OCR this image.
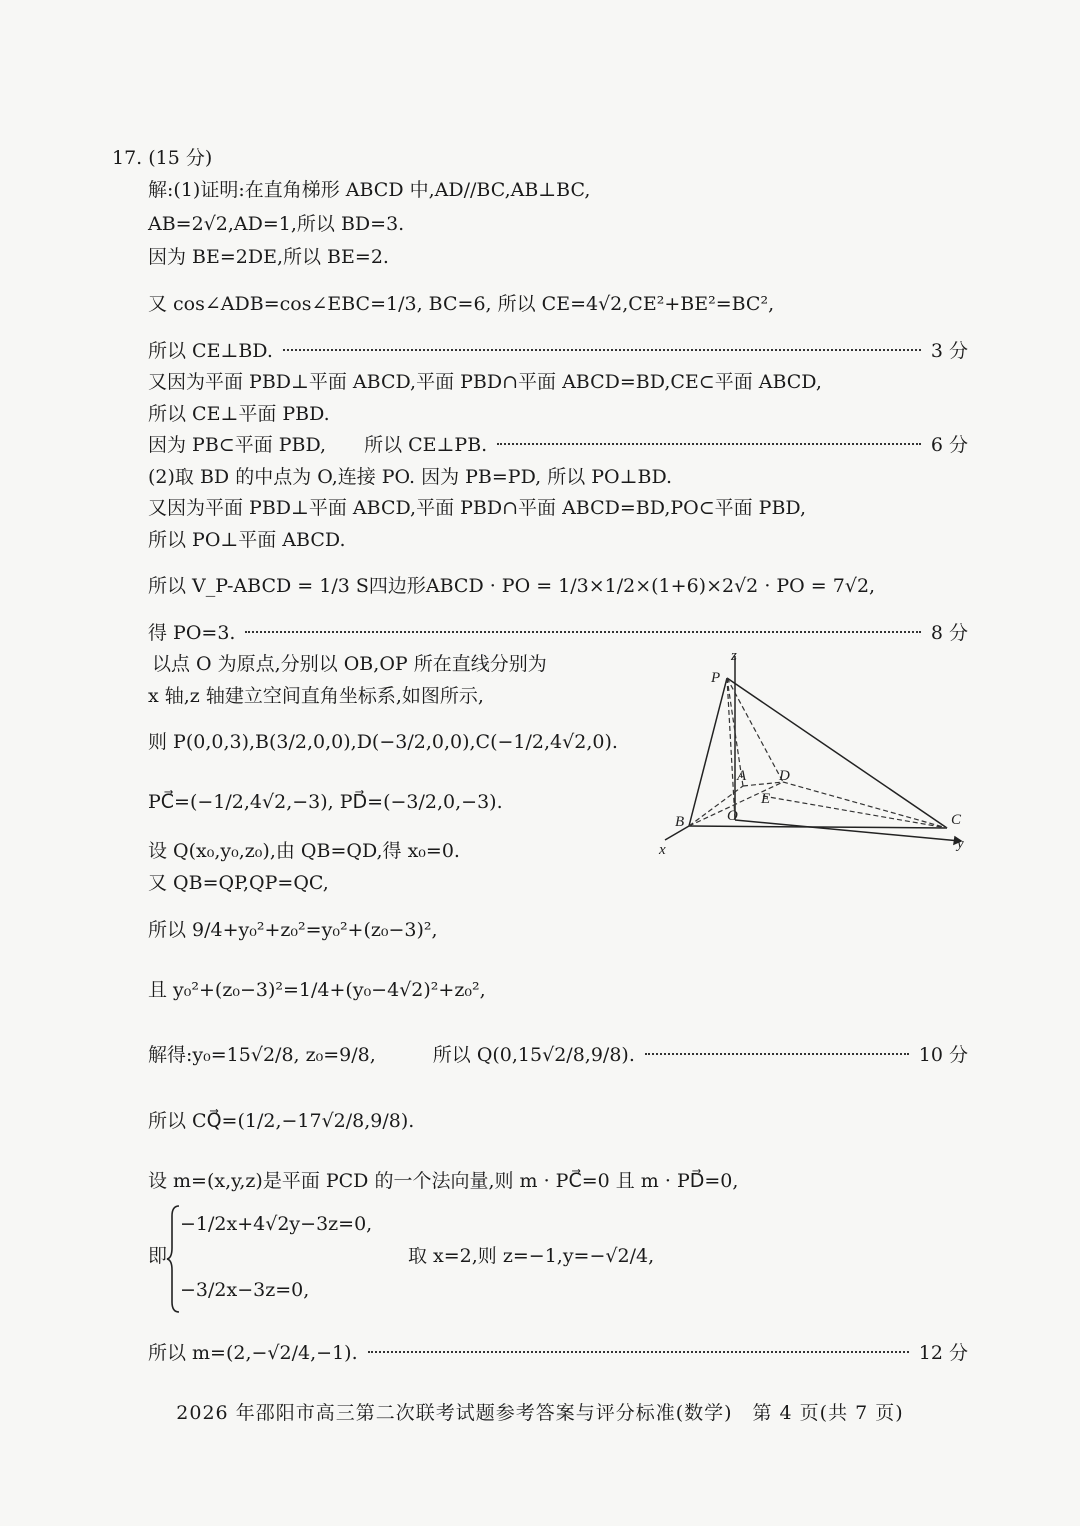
17. (15 分)
解:(1)证明:在直角梯形 ABCD 中,AD//BC,AB⊥BC,
AB=2√2,AD=1,所以 BD=3.
因为 BE=2DE,所以 BE=2.
又 cos∠ADB=cos∠EBC=1/3, BC=6, 所以 CE=4√2,CE²+BE²=BC²,
所以 CE⊥BD.	3 分
又因为平面 PBD⊥平面 ABCD,平面 PBD∩平面 ABCD=BD,CE⊂平面 ABCD,
所以 CE⊥平面 PBD.
因为 PB⊂平面 PBD,　　所以 CE⊥PB.	6 分
(2)取 BD 的中点为 O,连接 PO. 因为 PB=PD, 所以 PO⊥BD.
又因为平面 PBD⊥平面 ABCD,平面 PBD∩平面 ABCD=BD,PO⊂平面 PBD,
所以 PO⊥平面 ABCD.
所以 V_P-ABCD = 1/3 S四边形ABCD · PO = 1/3×1/2×(1+6)×2√2 · PO = 7√2,
得 PO=3.	8 分
以点 O 为原点,分别以 OB,OP 所在直线分别为
x 轴,z 轴建立空间直角坐标系,如图所示,
则 P(0,0,3),B(3/2,0,0),D(−3/2,0,0),C(−1/2,4√2,0).
PC⃗=(−1/2,4√2,−3), PD⃗=(−3/2,0,−3).
设 Q(x₀,y₀,z₀),由 QB=QD,得 x₀=0.
又 QB=QP,QP=QC,
所以 9/4+y₀²+z₀²=y₀²+(z₀−3)²,
且 y₀²+(z₀−3)²=1/4+(y₀−4√2)²+z₀²,
解得:y₀=15√2/8, z₀=9/8,　　　所以 Q(0,15√2/8,9/8).	10 分
所以 CQ⃗=(1/2,−17√2/8,9/8).
设 m=(x,y,z)是平面 PCD 的一个法向量,则 m · PC⃗=0 且 m · PD⃗=0,
−1/2x+4√2y−3z=0,
即	取 x=2,则 z=−1,y=−√2/4,
−3/2x−3z=0,
所以 m=(2,−√2/4,−1).	12 分
P
z
A D
E
B	O	C
x	y
2026 年邵阳市高三第二次联考试题参考答案与评分标准(数学)　第 4 页(共 7 页)
